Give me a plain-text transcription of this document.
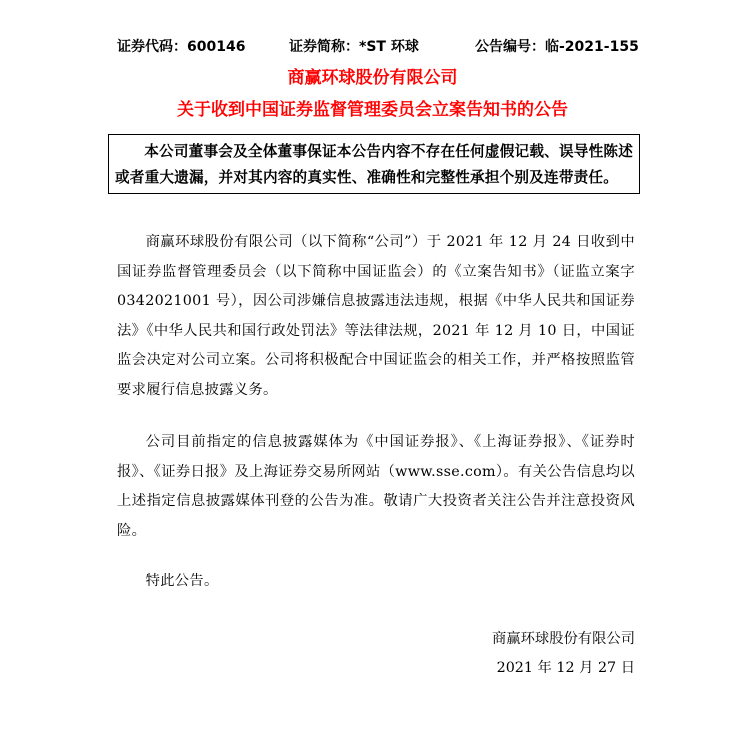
证券代码：600146	证券简称：*ST 环球	公告编号：临-2021-155
商赢环球股份有限公司
关于收到中国证券监督管理委员会立案告知书的公告
本公司董事会及全体董事保证本公告内容不存在任何虚假记载、误导性陈述或者重大遗漏，并对其内容的真实性、准确性和完整性承担个别及连带责任。
商赢环球股份有限公司（以下简称“公司”）于 2021 年 12 月 24 日收到中国证券监督管理委员会（以下简称中国证监会）的《立案告知书》（证监立案字 0342021001 号），因公司涉嫌信息披露违法违规，根据《中华人民共和国证券法》《中华人民共和国行政处罚法》等法律法规，2021 年 12 月 10 日，中国证监会决定对公司立案。公司将积极配合中国证监会的相关工作，并严格按照监管要求履行信息披露义务。
公司目前指定的信息披露媒体为《中国证券报》、《上海证券报》、《证券时报》、《证券日报》及上海证券交易所网站（www.sse.com）。有关公告信息均以上述指定信息披露媒体刊登的公告为准。敬请广大投资者关注公告并注意投资风险。
特此公告。
商赢环球股份有限公司
2021 年 12 月 27 日
